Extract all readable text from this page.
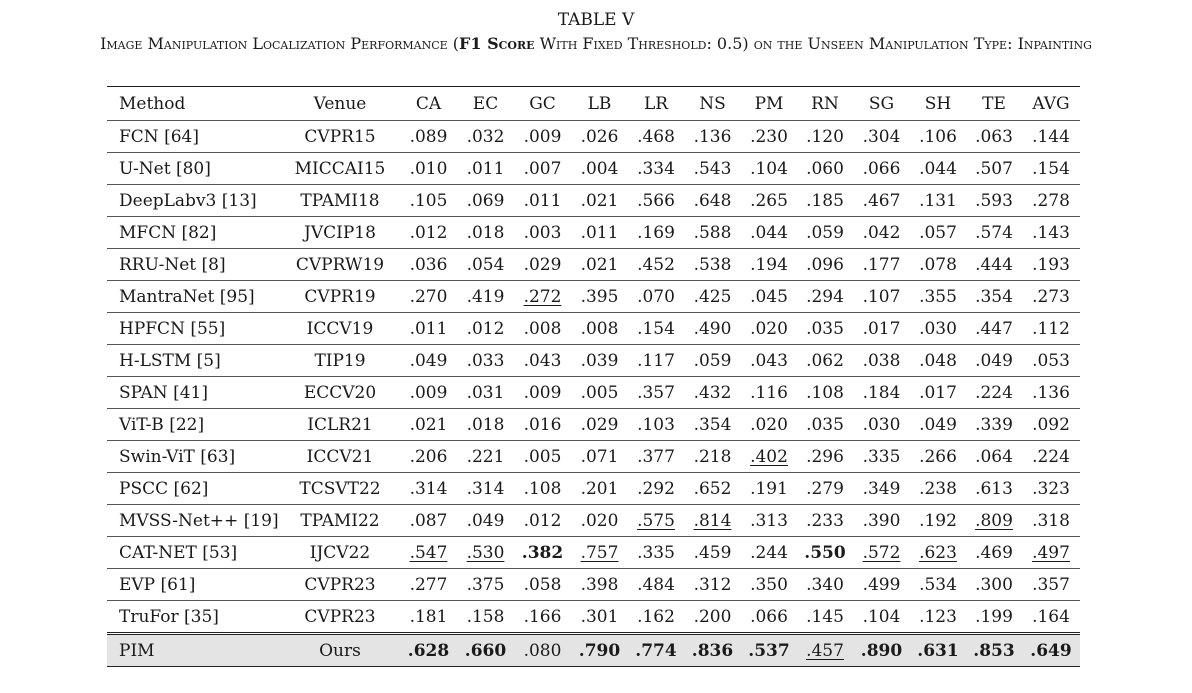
TABLE V
Image Manipulation Localization Performance (F1 Score With Fixed Threshold: 0.5) on the Unseen Manipulation Type: Inpainting
Method	Venue	CA	EC	GC	LB	LR	NS	PM	RN	SG	SH	TE	AVG
FCN [64]	CVPR15	.089	.032	.009	.026	.468	.136	.230	.120	.304	.106	.063	.144
U-Net [80]	MICCAI15	.010	.011	.007	.004	.334	.543	.104	.060	.066	.044	.507	.154
DeepLabv3 [13]	TPAMI18	.105	.069	.011	.021	.566	.648	.265	.185	.467	.131	.593	.278
MFCN [82]	JVCIP18	.012	.018	.003	.011	.169	.588	.044	.059	.042	.057	.574	.143
RRU-Net [8]	CVPRW19	.036	.054	.029	.021	.452	.538	.194	.096	.177	.078	.444	.193
MantraNet [95]	CVPR19	.270	.419	.272	.395	.070	.425	.045	.294	.107	.355	.354	.273
HPFCN [55]	ICCV19	.011	.012	.008	.008	.154	.490	.020	.035	.017	.030	.447	.112
H-LSTM [5]	TIP19	.049	.033	.043	.039	.117	.059	.043	.062	.038	.048	.049	.053
SPAN [41]	ECCV20	.009	.031	.009	.005	.357	.432	.116	.108	.184	.017	.224	.136
ViT-B [22]	ICLR21	.021	.018	.016	.029	.103	.354	.020	.035	.030	.049	.339	.092
Swin-ViT [63]	ICCV21	.206	.221	.005	.071	.377	.218	.402	.296	.335	.266	.064	.224
PSCC [62]	TCSVT22	.314	.314	.108	.201	.292	.652	.191	.279	.349	.238	.613	.323
MVSS-Net++ [19]	TPAMI22	.087	.049	.012	.020	.575	.814	.313	.233	.390	.192	.809	.318
CAT-NET [53]	IJCV22	.547	.530	.382	.757	.335	.459	.244	.550	.572	.623	.469	.497
EVP [61]	CVPR23	.277	.375	.058	.398	.484	.312	.350	.340	.499	.534	.300	.357
TruFor [35]	CVPR23	.181	.158	.166	.301	.162	.200	.066	.145	.104	.123	.199	.164
PIM	Ours	.628	.660	.080	.790	.774	.836	.537	.457	.890	.631	.853	.649
